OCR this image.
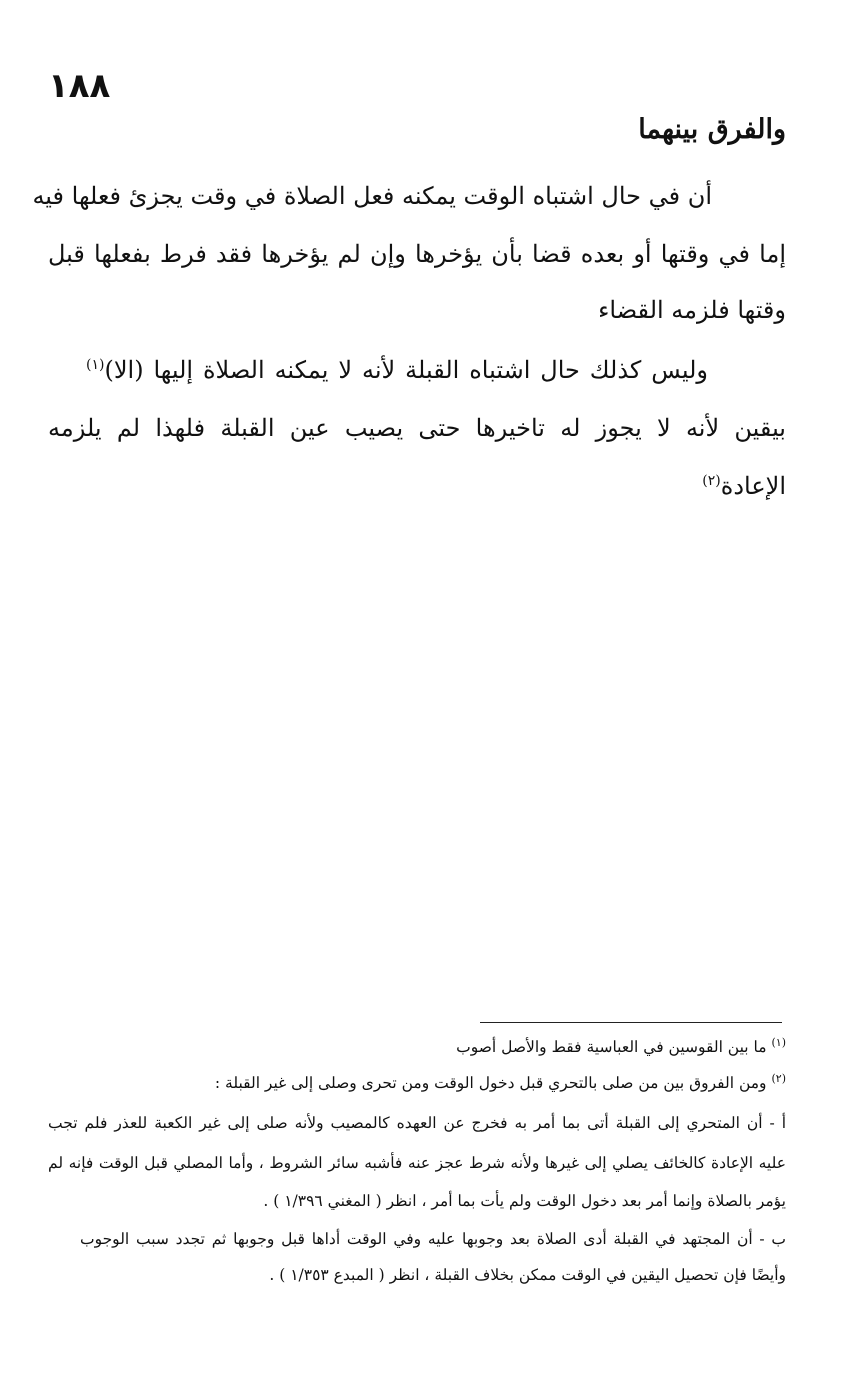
١٨٨
والفرق بينهما
أن في حال اشتباه الوقت يمكنه فعل الصلاة في وقت يجزئ فعلها فيه
إما في وقتها أو بعده قضا بأن يؤخرها وإن لم يؤخرها فقد فرط بفعلها قبل
وقتها فلزمه القضاء
وليس كذلك حال اشتباه القبلة لأنه لا يمكنه الصلاة إليها (الا)$^{(١)}$
بيقين لأنه لا يجوز له تاخيرها حتى يصيب عين القبلة فلهذا لم يلزمه
الإعادة$^{(٢)}$
$^{(١)}$ ما بين القوسين في العباسية فقط والأصل أصوب
$^{(٢)}$ ومن الفروق بين من صلى بالتحري قبل دخول الوقت ومن تحرى وصلى إلى غير القبلة :
أ - أن المتحري إلى القبلة أتى بما أمر به فخرج عن العهده كالمصيب ولأنه صلى إلى غير الكعبة للعذر فلم تجب
عليه الإعادة كالخائف يصلي إلى غيرها ولأنه شرط عجز عنه فأشبه سائر الشروط ، وأما المصلي قبل الوقت فإنه لم
يؤمر بالصلاة وإنما أمر بعد دخول الوقت ولم يأت بما أمر ، انظر ( المغني ١/٣٩٦ ) .
ب - أن المجتهد في القبلة أدى الصلاة بعد وجوبها عليه وفي الوقت أداها قبل وجوبها ثم تجدد سبب الوجوب
وأيضًا فإن تحصيل اليقين في الوقت ممكن بخلاف القبلة ، انظر ( المبدع ١/٣٥٣ ) .
